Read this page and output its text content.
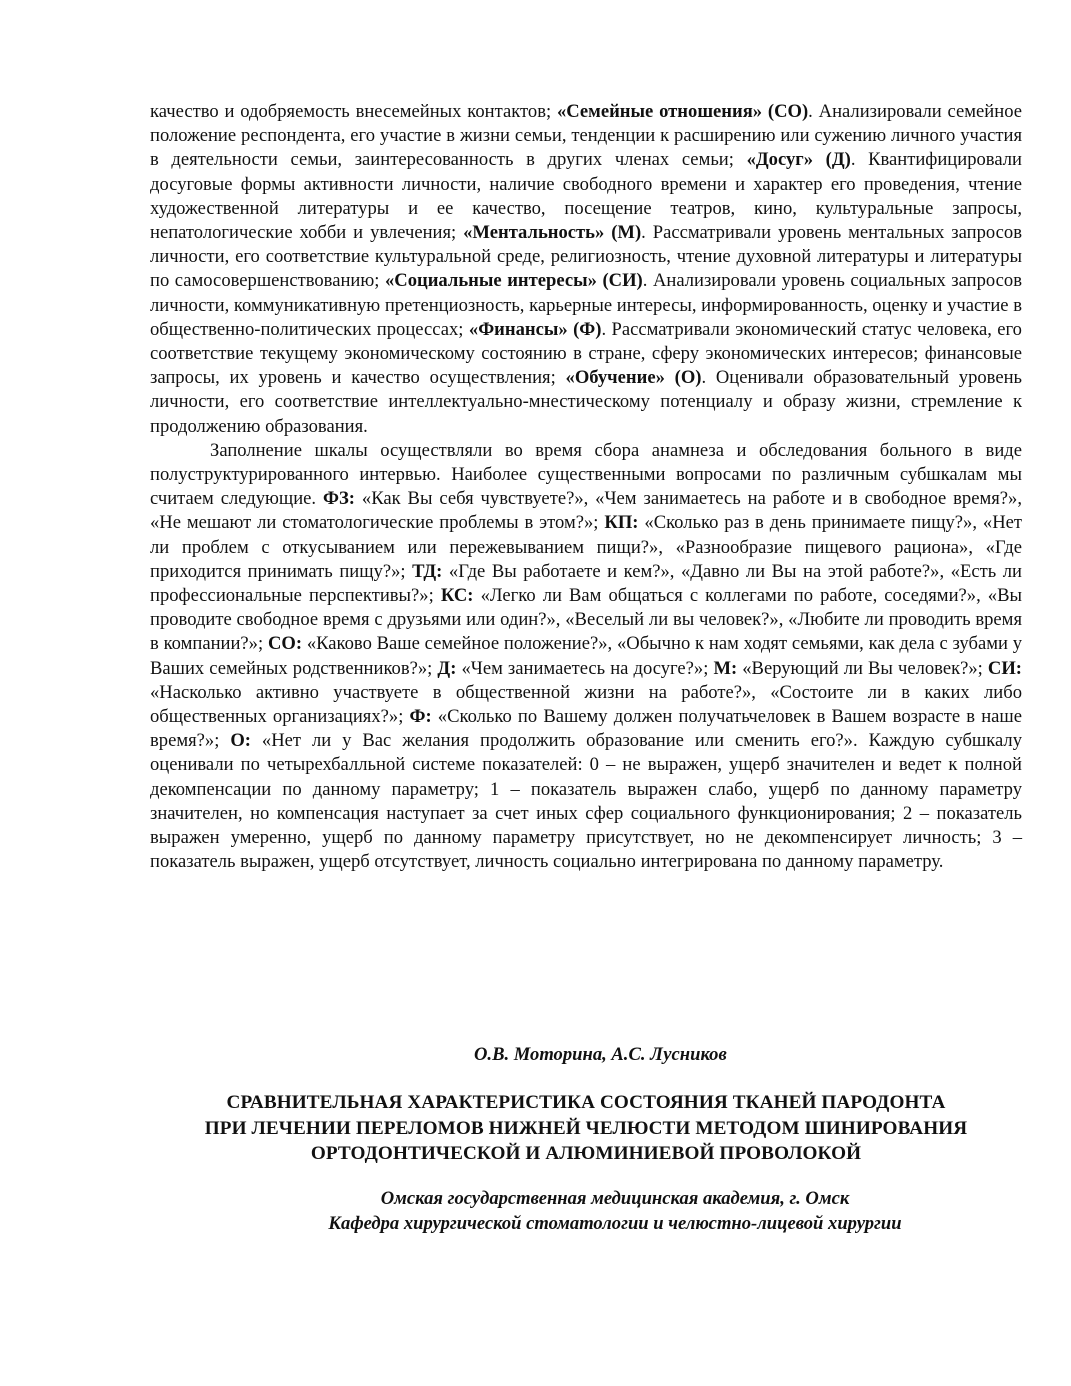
качество и одобряемость внесемейных контактов; «Семейные отношения» (СО). Анализировали семейное положение респондента, его участие в жизни семьи, тенденции к расширению или сужению личного участия в деятельности семьи, заинтересованность в других членах семьи; «Досуг» (Д). Квантифицировали досуговые формы активности личности, наличие свободного времени и характер его проведения, чтение художественной литературы и ее качество, посещение театров, кино, культуральные запросы, непатологические хобби и увлечения; «Ментальность» (М). Рассматривали уровень ментальных запросов личности, его соответствие культуральной среде, религиозность, чтение духовной литературы и литературы по самосовершенствованию; «Социальные интересы» (СИ). Анализировали уровень социальных запросов личности, коммуникативную претенциозность, карьерные интересы, информированность, оценку и участие в общественно-политических процессах; «Финансы» (Ф). Рассматривали экономический статус человека, его соответствие текущему экономическому состоянию в стране, сферу экономических интересов; финансовые запросы, их уровень и качество осуществления; «Обучение» (О). Оценивали образовательный уровень личности, его соответствие интеллектуально-мнестическому потенциалу и образу жизни, стремление к продолжению образования.

Заполнение шкалы осуществляли во время сбора анамнеза и обследования больного в виде полуструктурированного интервью. Наиболее существенными вопросами по различным субшкалам мы считаем следующие. ФЗ: «Как Вы себя чувствуете?», «Чем занимаетесь на работе и в свободное время?», «Не мешают ли стоматологические проблемы в этом?»; КП: «Сколько раз в день принимаете пищу?», «Нет ли проблем с откусыванием или пережевыванием пищи?», «Разнообразие пищевого рациона», «Где приходится принимать пищу?»; ТД: «Где Вы работаете и кем?», «Давно ли Вы на этой работе?», «Есть ли профессиональные перспективы?»; КС: «Легко ли Вам общаться с коллегами по работе, соседями?», «Вы проводите свободное время с друзьями или один?», «Веселый ли вы человек?», «Любите ли проводить время в компании?»; СО: «Каково Ваше семейное положение?», «Обычно к нам ходят семьями, как дела с зубами у Ваших семейных родственников?»; Д: «Чем занимаетесь на досуге?»; М: «Верующий ли Вы человек?»; СИ: «Насколько активно участвуете в общественной жизни на работе?», «Состоите ли в каких либо общественных организациях?»; Ф: «Сколько по Вашему должен получатьчеловек в Вашем возрасте в наше время?»; О: «Нет ли у Вас желания продолжить образование или сменить его?». Каждую субшкалу оценивали по четырехбалльной системе показателей: 0 – не выражен, ущерб значителен и ведет к полной декомпенсации по данному параметру; 1 – показатель выражен слабо, ущерб по данному параметру значителен, но компенсация наступает за счет иных сфер социального функционирования; 2 – показатель выражен умеренно, ущерб по данному параметру присутствует, но не декомпенсирует личность; 3 – показатель выражен, ущерб отсутствует, личность социально интегрирована по данному параметру.

О.В. Моторина, А.С. Лусников
СРАВНИТЕЛЬНАЯ ХАРАКТЕРИСТИКА СОСТОЯНИЯ ТКАНЕЙ ПАРОДОНТА
ПРИ ЛЕЧЕНИИ ПЕРЕЛОМОВ НИЖНЕЙ ЧЕЛЮСТИ МЕТОДОМ ШИНИРОВАНИЯ
ОРТОДОНТИЧЕСКОЙ И АЛЮМИНИЕВОЙ ПРОВОЛОКОЙ
Омская государственная медицинская академия, г. Омск
Кафедра хирургической стоматологии и челюстно-лицевой хирургии
